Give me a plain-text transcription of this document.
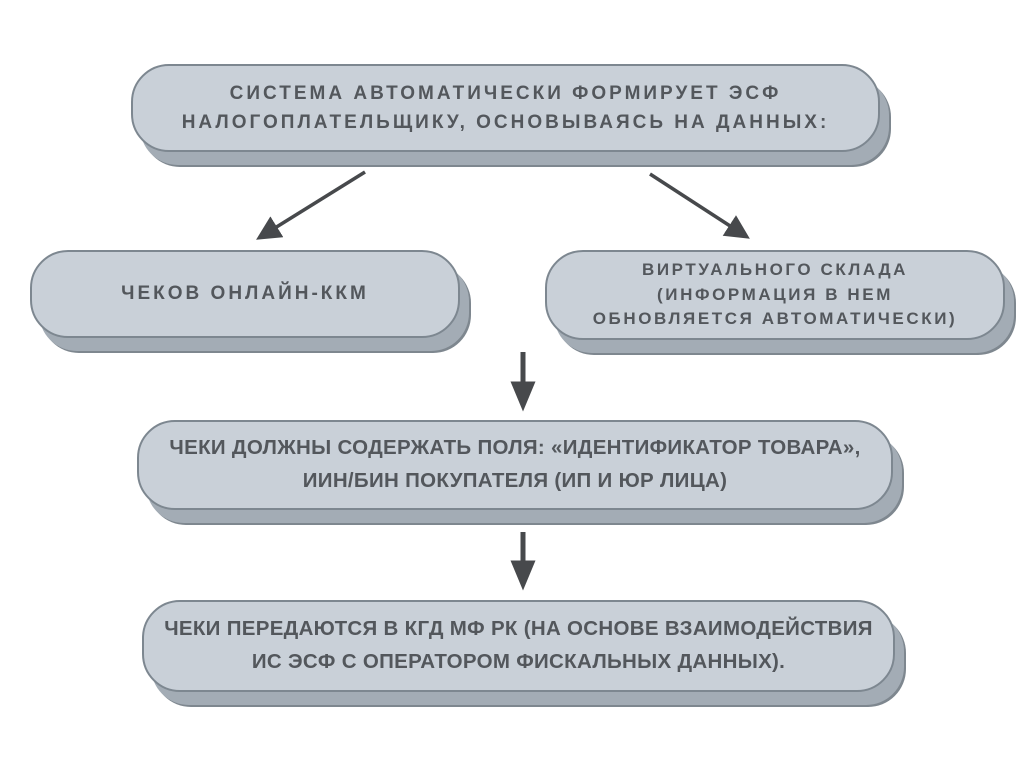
СИСТЕМА АВТОМАТИЧЕСКИ ФОРМИРУЕТ ЭСФ
НАЛОГОПЛАТЕЛЬЩИКУ, ОСНОВЫВАЯСЬ НА ДАННЫХ:
ЧЕКОВ ОНЛАЙН-ККМ
ВИРТУАЛЬНОГО СКЛАДА
(ИНФОРМАЦИЯ В НЕМ
ОБНОВЛЯЕТСЯ АВТОМАТИЧЕСКИ)
ЧЕКИ ДОЛЖНЫ СОДЕРЖАТЬ ПОЛЯ: «ИДЕНТИФИКАТОР ТОВАРА»,
ИИН/БИН ПОКУПАТЕЛЯ (ИП И ЮР ЛИЦА)
ЧЕКИ ПЕРЕДАЮТСЯ В КГД МФ РК (НА ОСНОВЕ ВЗАИМОДЕЙСТВИЯ
ИС ЭСФ С ОПЕРАТОРОМ ФИСКАЛЬНЫХ ДАННЫХ).
